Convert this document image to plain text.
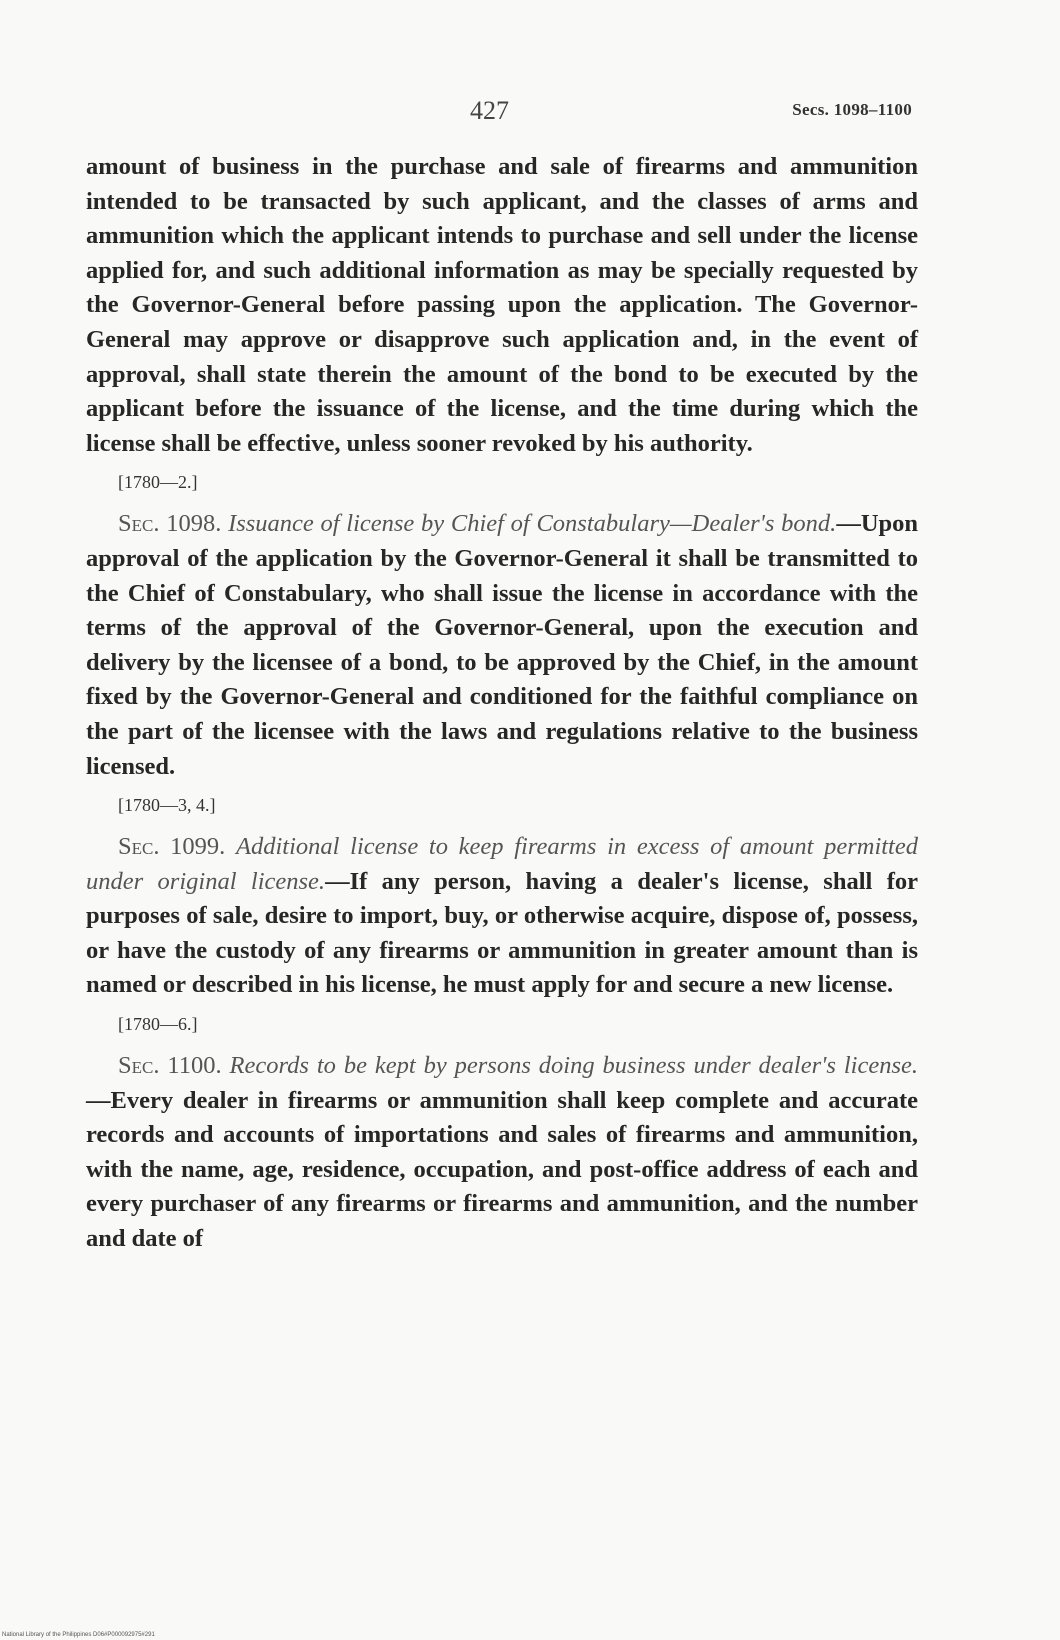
427	Secs. 1098–1100

amount of business in the purchase and sale of firearms and ammunition intended to be transacted by such applicant, and the classes of arms and ammunition which the applicant intends to purchase and sell under the license applied for, and such additional information as may be specially requested by the Governor-General before passing upon the application. The Governor-General may approve or disapprove such application and, in the event of approval, shall state therein the amount of the bond to be executed by the applicant before the issuance of the license, and the time during which the license shall be effective, unless sooner revoked by his authority.

[1780—2.]

Sec. 1098. Issuance of license by Chief of Constabulary—Dealer's bond.—Upon approval of the application by the Governor-General it shall be transmitted to the Chief of Constabulary, who shall issue the license in accordance with the terms of the approval of the Governor-General, upon the execution and delivery by the licensee of a bond, to be approved by the Chief, in the amount fixed by the Governor-General and conditioned for the faithful compliance on the part of the licensee with the laws and regulations relative to the business licensed.

[1780—3, 4.]

Sec. 1099. Additional license to keep firearms in excess of amount permitted under original license.—If any person, having a dealer's license, shall for purposes of sale, desire to import, buy, or otherwise acquire, dispose of, possess, or have the custody of any firearms or ammunition in greater amount than is named or described in his license, he must apply for and secure a new license.

[1780—6.]

Sec. 1100. Records to be kept by persons doing business under dealer's license.—Every dealer in firearms or ammunition shall keep complete and accurate records and accounts of importations and sales of firearms and ammunition, with the name, age, residence, occupation, and post-office address of each and every purchaser of any firearms or firearms and ammunition, and the number and date of

National Library of the Philippines D06#P000092975#291
